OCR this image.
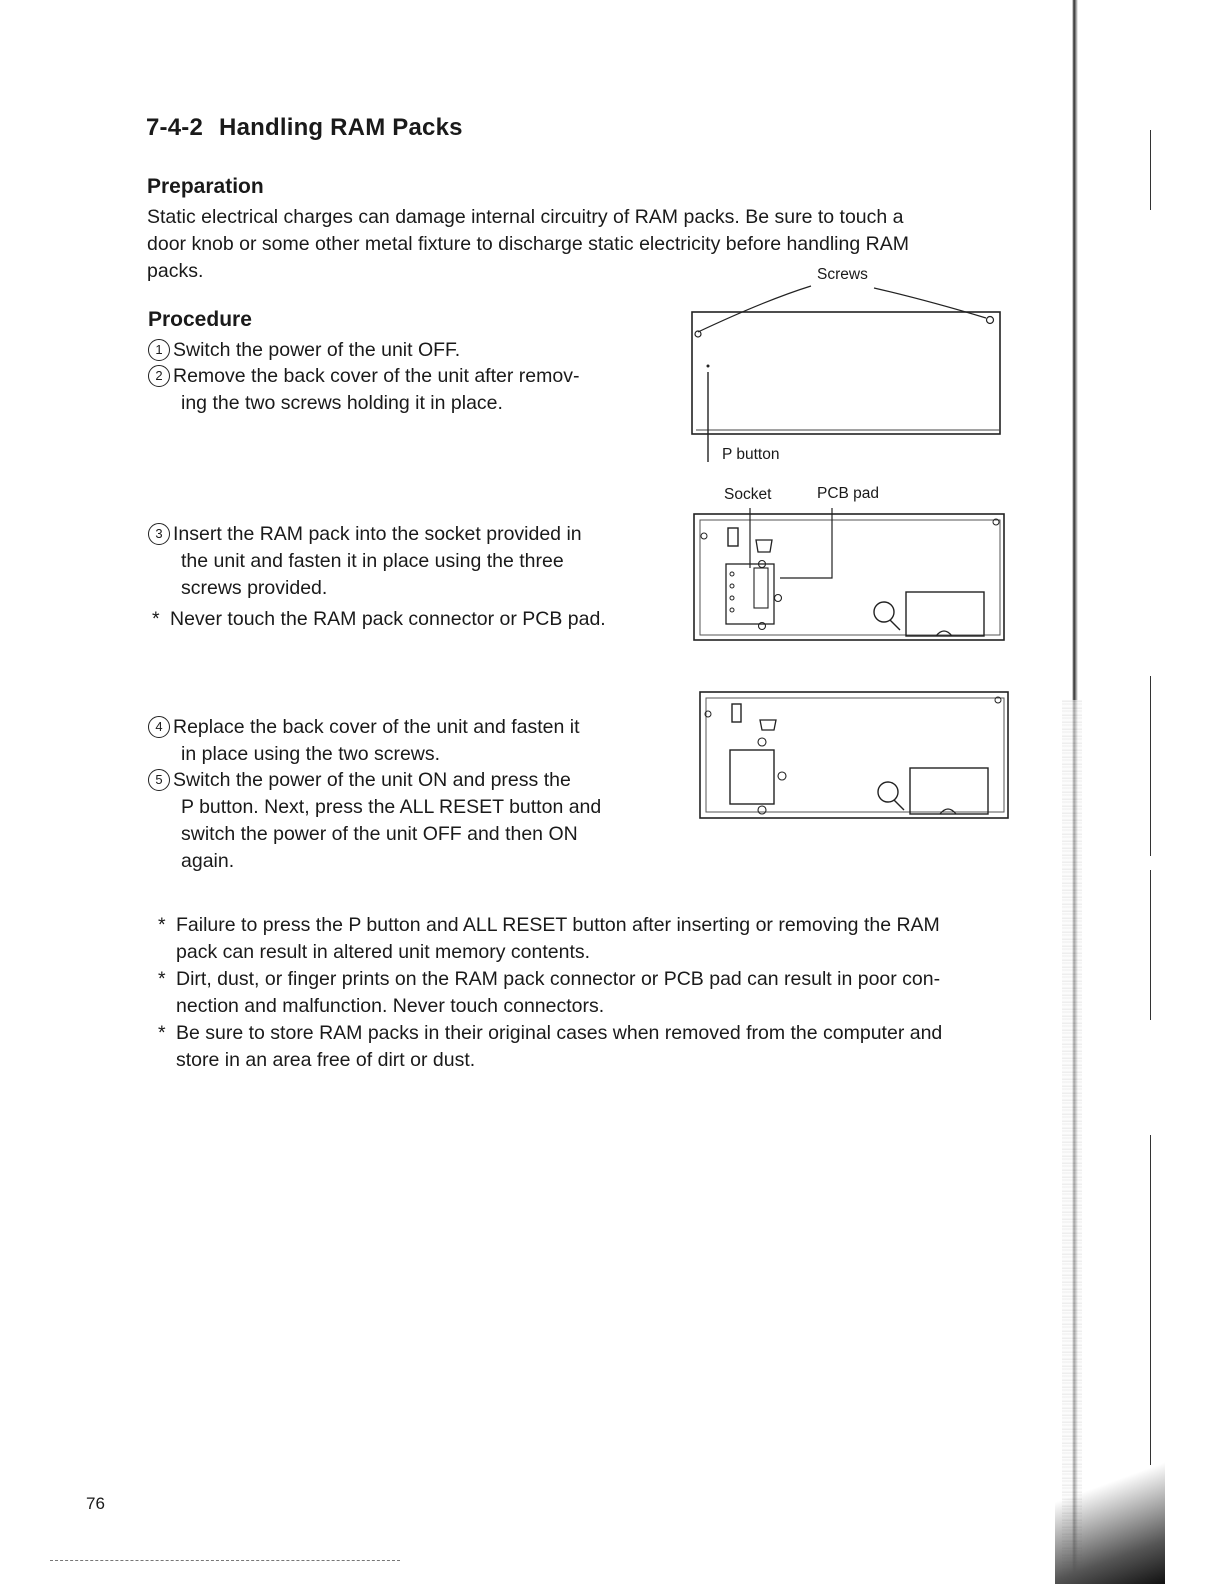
7-4-2 Handling RAM Packs
Preparation

Static electrical charges can damage internal circuitry of RAM packs. Be sure to touch a
door knob or some other metal fixture to discharge static electricity before handling RAM
packs.

Procedure
1 Switch the power of the unit OFF.
2 Remove the back cover of the unit after remov-
ing the two screws holding it in place.
3 Insert the RAM pack into the socket provided in
the unit and fasten it in place using the three
screws provided.
* Never touch the RAM pack connector or PCB pad.
4 Replace the back cover of the unit and fasten it
in place using the two screws.
5 Switch the power of the unit ON and press the
P button. Next, press the ALL RESET button and
switch the power of the unit OFF and then ON
again.
Screws
P button
Socket	PCB pad
* Failure to press the P button and ALL RESET button after inserting or removing the RAM
pack can result in altered unit memory contents.
* Dirt, dust, or finger prints on the RAM pack connector or PCB pad can result in poor con-
nection and malfunction. Never touch connectors.
* Be sure to store RAM packs in their original cases when removed from the computer and
store in an area free of dirt or dust.
76
